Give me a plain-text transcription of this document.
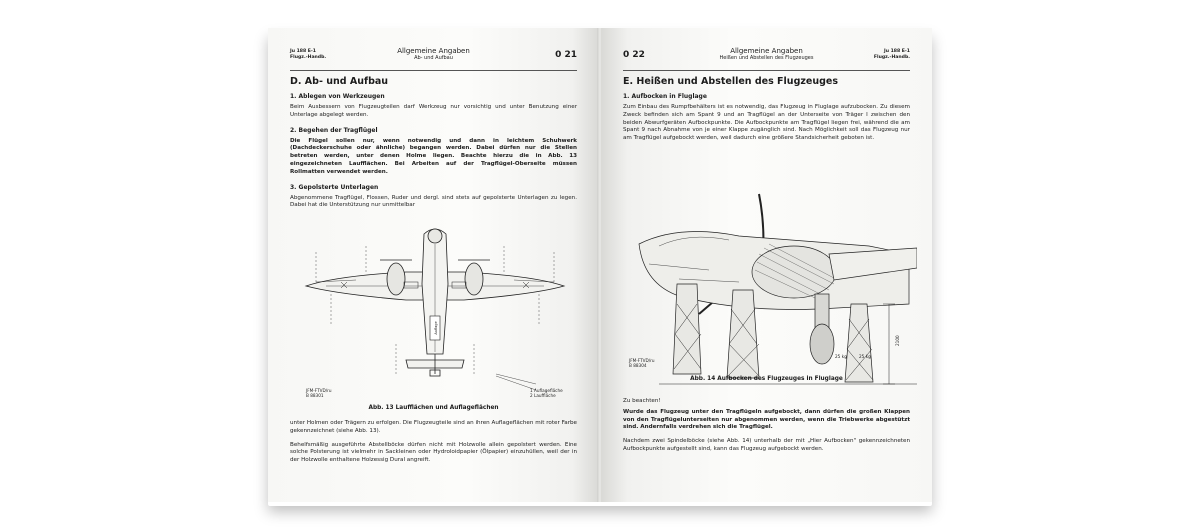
Ju 188 E-1
Flugz.-Handb.
Allgemeine Angaben
Ab- und Aufbau	0 21
D. Ab- und Aufbau
1. Ablegen von Werkzeugen

Beim Ausbessern von Flugzeugteilen darf Werkzeug nur vorsichtig und unter Benutzung einer Unterlage abgelegt werden.

2. Begehen der Tragflügel

Die Flügel sollen nur, wenn notwendig und dann in leichtem Schuhwerk (Dachdeckerschuhe oder ähnliche) begangen werden. Dabei dürfen nur die Stellen betreten werden, unter denen Holme liegen. Beachte hierzu die in Abb. 13 eingezeichneten Laufflächen. Bei Arbeiten auf der Tragflügel-Oberseite müssen Rollmatten verwendet werden.

3. Gepolsterte Unterlagen

Abgenommene Tragflügel, Flossen, Ruder und dergl. sind stets auf gepolsterte Unterlagen zu legen. Dabei hat die Unterstützung nur unmittelbar

Auflage
JFM-FTVD/ru
B 88301
1 Auflagefläche
2 Lauffläche
Abb. 13 Laufflächen und Auflageflächen

unter Holmen oder Trägern zu erfolgen. Die Flugzeugteile sind an ihren Auflageflächen mit roter Farbe gekennzeichnet (siehe Abb. 13).

Behelfsmäßig ausgeführte Abstellböcke dürfen nicht mit Holzwolle allein gepolstert werden. Eine solche Polsterung ist vielmehr in Sackleinen oder Hydroloidpapier (Ölpapier) einzuhüllen, weil der in der Holzwolle enthaltene Holzessig Dural angreift.

0 22	Allgemeine Angaben
Heißen und Abstellen des Flugzeuges
Ju 188 E-1
Flugz.-Handb.
E. Heißen und Abstellen des Flugzeuges
1. Aufbocken in Fluglage

Zum Einbau des Rumpfbehälters ist es notwendig, das Flugzeug in Fluglage aufzubocken. Zu diesem Zweck befinden sich am Spant 9 und an Tragflügel an der Unterseite von Träger I zwischen den beiden Abwurfgeräten Aufbockpunkte. Die Aufbockpunkte am Tragflügel liegen frei, während die am Spant 9 nach Abnahme von je einer Klappe zugänglich sind. Nach Möglichkeit soll das Flugzeug nur am Tragflügel aufgebockt werden, weil dadurch eine größere Standsicherheit geboten ist.

JFM-FTVD/ru
B 88304
25 kg	25 kg
2100
Abb. 14 Aufbocken des Flugzeuges in Fluglage

Zu beachten!

Wurde das Flugzeug unter den Tragflügeln aufgebockt, dann dürfen die großen Klappen von den Tragflügelunterseiten nur abgenommen werden, wenn die Triebwerke abgestützt sind. Andernfalls verdrehen sich die Tragflügel.

Nachdem zwei Spindelböcke (siehe Abb. 14) unterhalb der mit „Hier Aufbocken" gekennzeichneten Aufbockpunkte aufgestellt sind, kann das Flugzeug aufgebockt werden.
